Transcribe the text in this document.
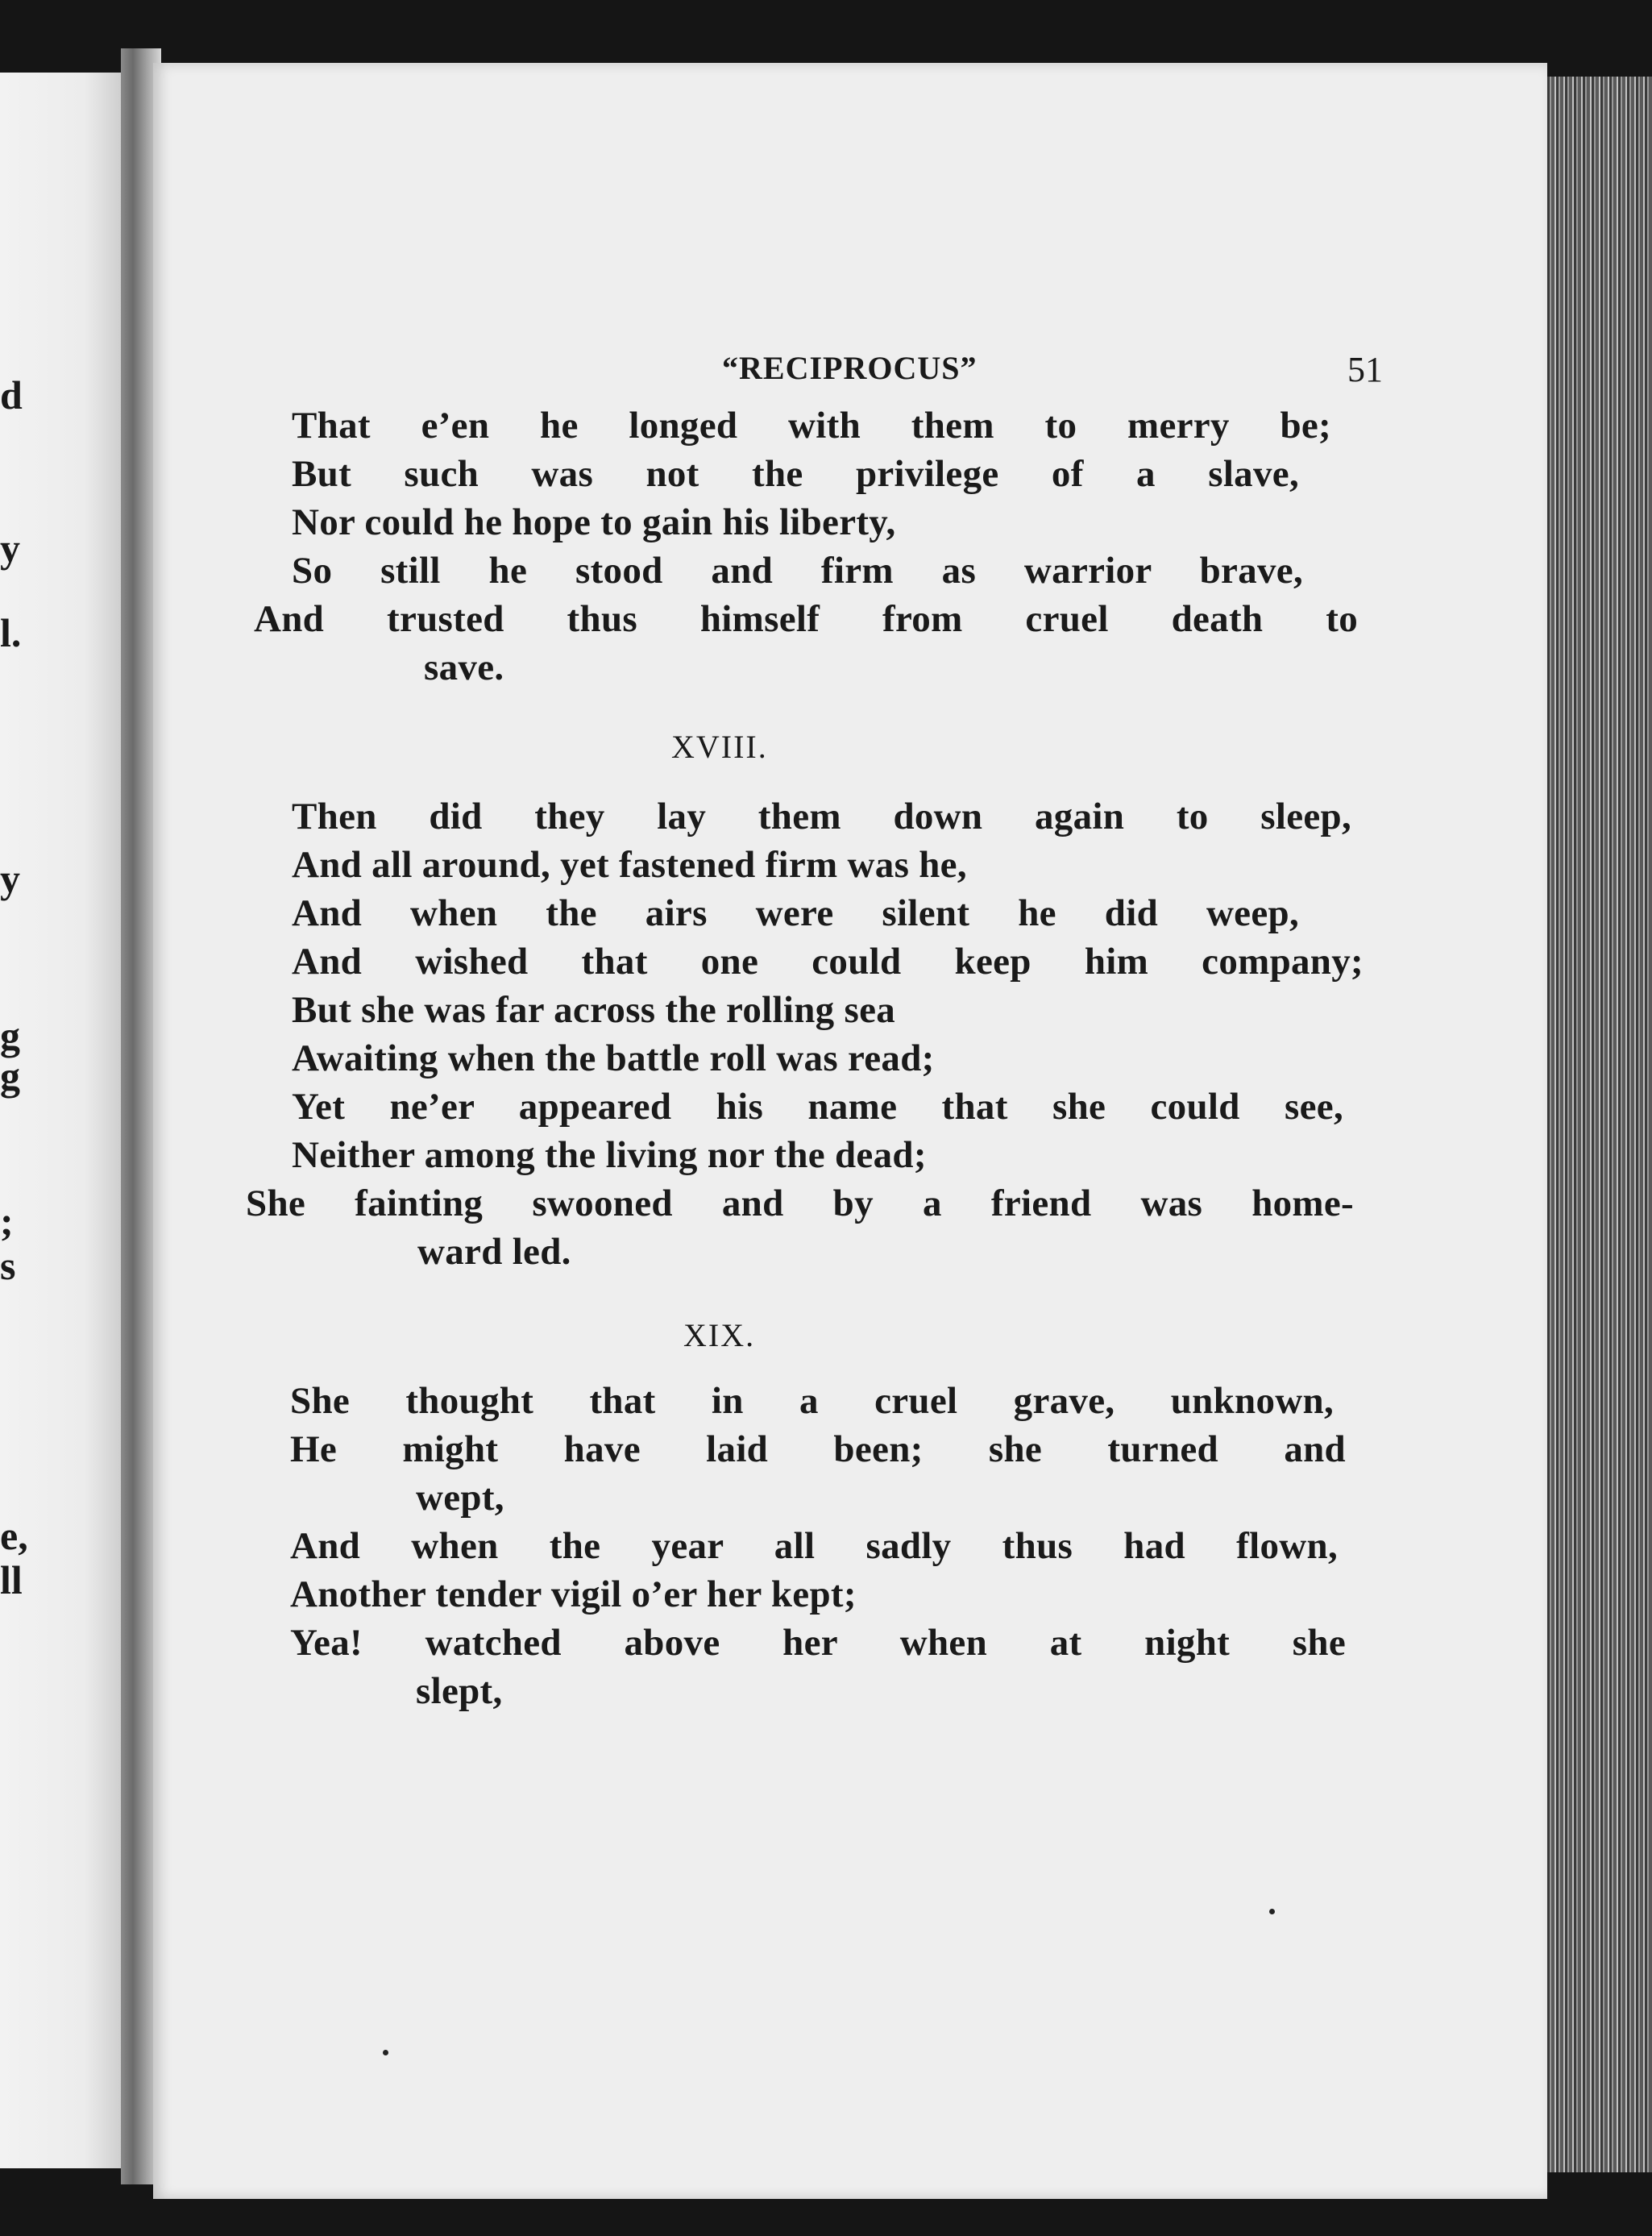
d
y
l.
y
g
g
;
s
e,
ll
“RECIPROCUS”	51
That e’en he longed with them to merry be;
But such was not the privilege of a slave,
Nor could he hope to gain his liberty,
So still he stood and firm as warrior brave,
And trusted thus himself from cruel death to
save.
XVIII.
Then did they lay them down again to sleep,
And all around, yet fastened firm was he,
And when the airs were silent he did weep,
And wished that one could keep him company;
But she was far across the rolling sea
Awaiting when the battle roll was read;
Yet ne’er appeared his name that she could see,
Neither among the living nor the dead;
She fainting swooned and by a friend was home-
ward led.
XIX.
She thought that in a cruel grave, unknown,
He might have laid been; she turned and
wept,
And when the year all sadly thus had flown,
Another tender vigil o’er her kept;
Yea! watched above her when at night she
slept,
